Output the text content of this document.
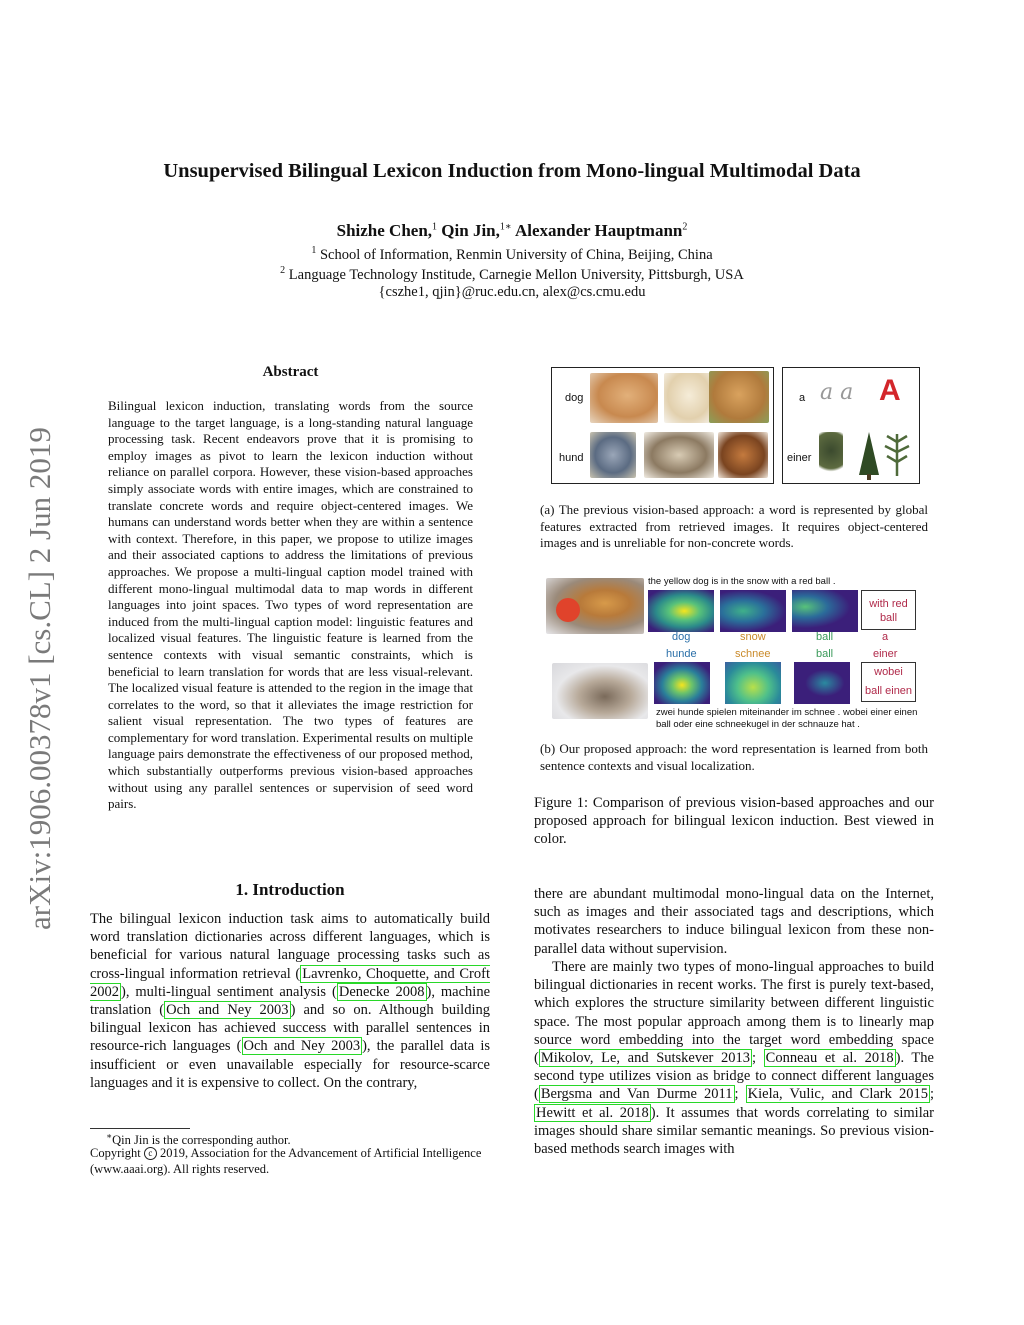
Unsupervised Bilingual Lexicon Induction from Mono-lingual Multimodal Data
Shizhe Chen,$^1$ Qin Jin,$^{1∗}$ Alexander Hauptmann$^2$
$^1$ School of Information, Renmin University of China, Beijing, China
$^2$ Language Technology Institude, Carnegie Mellon University, Pittsburgh, USA
{cszhe1, qjin}@ruc.edu.cn, alex@cs.cmu.edu
arXiv:1906.00378v1 [cs.CL] 2 Jun 2019
Abstract
Bilingual lexicon induction, translating words from the source language to the target language, is a long-standing natural language processing task. Recent endeavors prove that it is promising to employ images as pivot to learn the lexicon induction without reliance on parallel corpora. However, these vision-based approaches simply associate words with entire images, which are constrained to translate concrete words and require object-centered images. We humans can understand words better when they are within a sentence with context. Therefore, in this paper, we propose to utilize images and their associated captions to address the limitations of previous approaches. We propose a multi-lingual caption model trained with different mono-lingual multimodal data to map words in different languages into joint spaces. Two types of word representation are induced from the multi-lingual caption model: linguistic features and localized visual features. The linguistic feature is learned from the sentence contexts with visual semantic constraints, which is beneficial to learn translation for words that are less visual-relevant. The localized visual feature is attended to the region in the image that correlates to the word, so that it alleviates the image restriction for salient visual representation. The two types of features are complementary for word translation. Experimental results on multiple language pairs demonstrate the effectiveness of our proposed method, which substantially outperforms previous vision-based approaches without using any parallel sentences or supervision of seed word pairs.
1. Introduction
The bilingual lexicon induction task aims to automatically build word translation dictionaries across different languages, which is beneficial for various natural language processing tasks such as cross-lingual information retrieval ( Lavrenko, Choquette, and Croft 2002 ), multi-lingual sentiment analysis ( Denecke 2008 ), machine translation ( Och and Ney 2003 ) and so on. Although building bilingual lexicon has achieved success with parallel sentences in resource-rich languages ( Och and Ney 2003 ), the parallel data is insufficient or even unavailable especially for resource-scarce languages and it is expensive to collect. On the contrary,
∗Qin Jin is the corresponding author.
Copyright c 2019, Association for the Advancement of Artificial Intelligence (www.aaai.org). All rights reserved.
dog
hund
a
einer
a a A
(a) The previous vision-based approach: a word is represented by global features extracted from retrieved images. It requires object-centered images and is unreliable for non-concrete words.
the yellow dog is in the snow with a red ball .
with red ball
dog	snow	ball	a
hunde	schnee	ball	einer
wobei
ball einen
zwei hunde spielen miteinander im schnee . wobei einer einen
ball oder eine schneekugel in der schnauze hat .
(b) Our proposed approach: the word representation is learned from both sentence contexts and visual localization.
Figure 1: Comparison of previous vision-based approaches and our proposed approach for bilingual lexicon induction. Best viewed in color.
there are abundant multimodal mono-lingual data on the Internet, such as images and their associated tags and descriptions, which motivates researchers to induce bilingual lexicon from these non-parallel data without supervision.
There are mainly two types of mono-lingual approaches to build bilingual dictionaries in recent works. The first is purely text-based, which explores the structure similarity between different linguistic space. The most popular approach among them is to linearly map source word embedding into the target word embedding space ( Mikolov, Le, and Sutskever 2013 ; Conneau et al. 2018 ). The second type utilizes vision as bridge to connect different languages ( Bergsma and Van Durme 2011 ; Kiela, Vulic, and Clark 2015 ; Hewitt et al. 2018 ). It assumes that words correlating to similar images should share similar semantic meanings. So previous vision-based methods search images with
